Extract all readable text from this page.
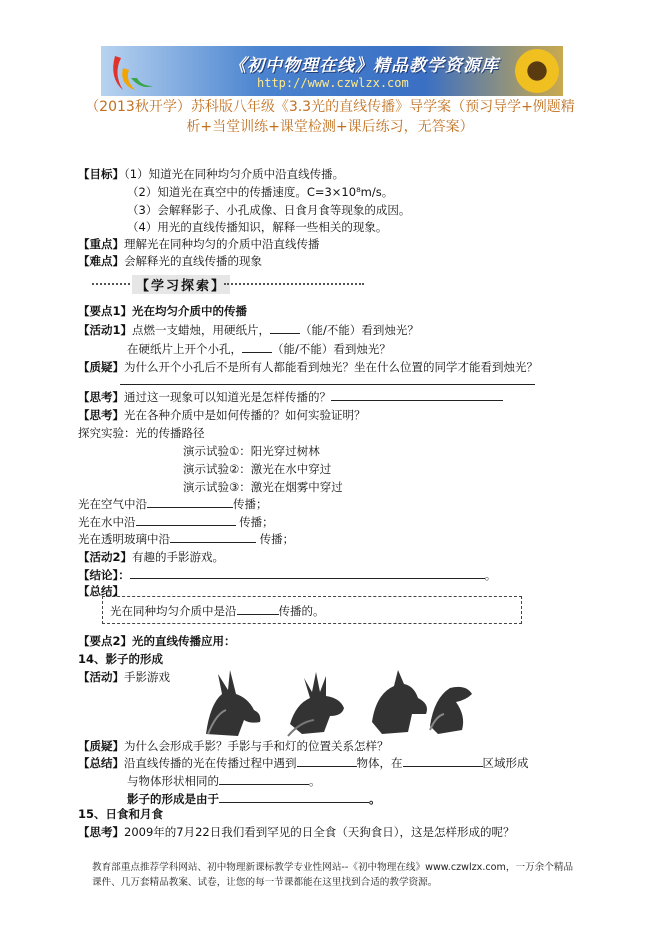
《初中物理在线》精品教学资源库
http://www.czwlzx.com
（2013秋开学）苏科版八年级《3.3光的直线传播》导学案（预习导学+例题精析+当堂训练+课堂检测+课后练习，无答案）
【目标】（1）知道光在同种均匀介质中沿直线传播。
（2）知道光在真空中的传播速度。C=3×10⁸m/s。
（3）会解释影子、小孔成像、日食月食等现象的成因。
（4）用光的直线传播知识，解释一些相关的现象。
【重点】理解光在同种均匀的介质中沿直线传播
【难点】会解释光的直线传播的现象
【学习探索】
【要点1】光在均匀介质中的传播
【活动1】点燃一支蜡烛，用硬纸片，	（能/不能）看到烛光？
在硬纸片上开个小孔，	（能/不能）看到烛光？
【质疑】为什么开个小孔后不是所有人都能看到烛光？坐在什么位置的同学才能看到烛光？
【思考】通过这一现象可以知道光是怎样传播的？
【思考】光在各种介质中是如何传播的？如何实验证明？
探究实验：光的传播路径
演示试验①：阳光穿过树林
演示试验②：激光在水中穿过
演示试验③：激光在烟雾中穿过
光在空气中沿	传播；
光在水中沿	传播；
光在透明玻璃中沿	传播；
【活动2】有趣的手影游戏。
【结论】：	。
【总结】
光在同种均匀介质中是沿	传播的。
【要点2】光的直线传播应用：
14、影子的形成
【活动】手影游戏
【质疑】为什么会形成手影？手影与手和灯的位置关系怎样？
【总结】沿直线传播的光在传播过程中遇到	物体，在	区域形成
与物体形状相同的	。
影子的形成是由于	。
15、日食和月食
【思考】2009年的7月22日我们看到罕见的日全食（天狗食日），这是怎样形成的呢？
教育部重点推荐学科网站、初中物理新课标教学专业性网站--《初中物理在线》www.czwlzx.com，一万余个精品课件、几万套精品教案、试卷，让您的每一节课都能在这里找到合适的教学资源。
